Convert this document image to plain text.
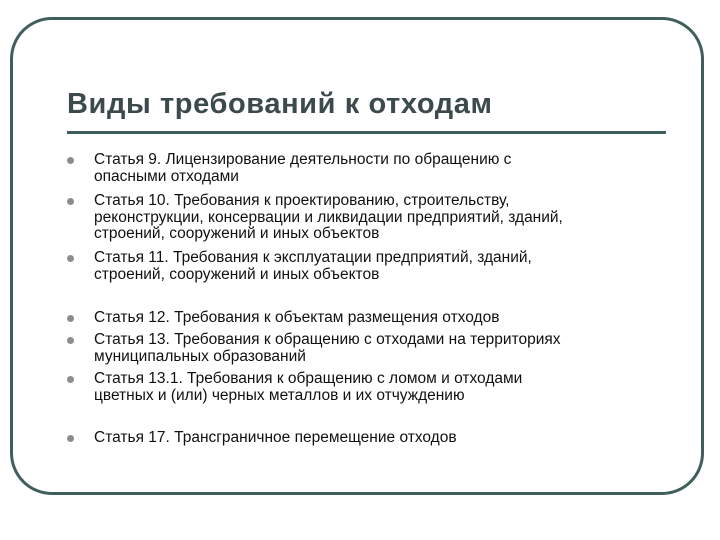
Виды требований к отходам
Статья 9. Лицензирование деятельности по обращению с
опасными отходами
Статья 10. Требования к проектированию, строительству,
реконструкции, консервации и ликвидации предприятий, зданий,
строений, сооружений и иных объектов
Статья 11. Требования к эксплуатации предприятий, зданий,
строений, сооружений и иных объектов
Статья 12. Требования к объектам размещения отходов
Статья 13. Требования к обращению с отходами на территориях
муниципальных образований
Статья 13.1. Требования к обращению с ломом и отходами
цветных и (или) черных металлов и их отчуждению
Статья 17. Трансграничное перемещение отходов
